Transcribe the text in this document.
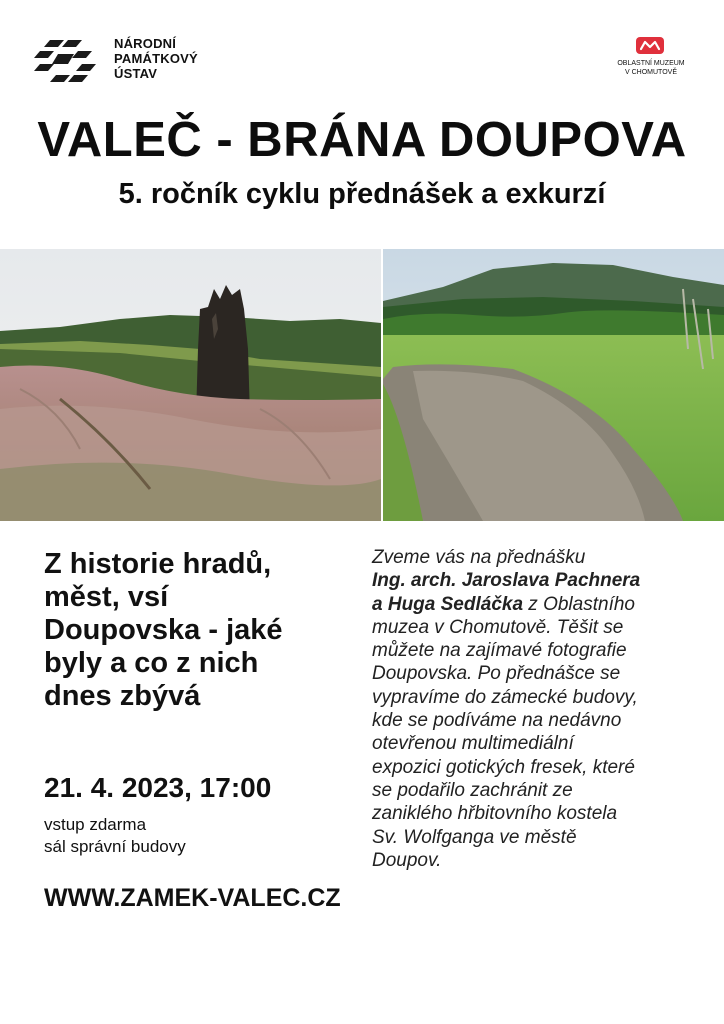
NÁRODNÍ
PAMÁTKOVÝ
ÚSTAV
OBLASTNÍ MUZEUM
V CHOMUTOVĚ
VALEČ - BRÁNA DOUPOVA
5. ročník cyklu přednášek a exkurzí
Z historie hradů,
měst, vsí
Doupovska - jaké
byly a co z nich
dnes zbývá
21. 4. 2023, 17:00
vstup zdarma
sál správní budovy
WWW.ZAMEK-VALEC.CZ
Zveme vás na přednášku
Ing. arch. Jaroslava Pachnera
a Huga Sedláčka z Oblastního
muzea v Chomutově. Těšit se
můžete na zajímavé fotografie
Doupovska. Po přednášce se
vypravíme do zámecké budovy,
kde se podíváme na nedávno
otevřenou multimediální
expozici gotických fresek, které
se podařilo zachránit ze
zaniklého hřbitovního kostela
Sv. Wolfganga ve městě
Doupov.
